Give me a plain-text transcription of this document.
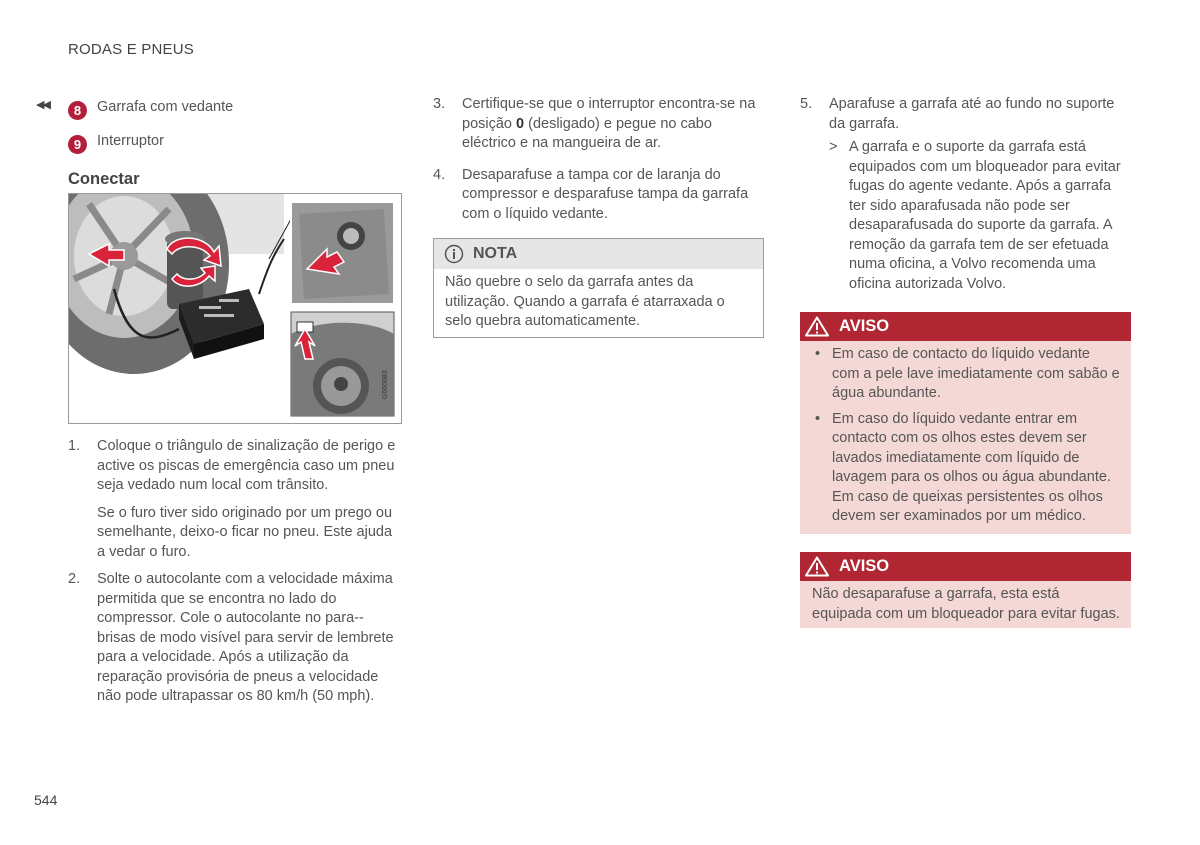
RODAS E PNEUS
◀◀	8	Garrafa com vedante
9	Interruptor
Conectar
G060683
1. Coloque o triângulo de sinalização de perigo e active os piscas de emergência caso um pneu seja vedado num local com trânsito.

Se o furo tiver sido originado por um prego ou semelhante, deixo-o ficar no pneu. Este ajuda a vedar o furo.

2. Solte o autocolante com a velocidade máxima permitida que se encontra no lado do compressor. Cole o autocolante no para--brisas de modo visível para servir de lembrete para a velocidade. Após a utilização da reparação provisória de pneus a velocidade não pode ultrapassar os 80 km/h (50 mph).

3. Certifique-se que o interruptor encontra-se na posição 0 (desligado) e pegue no cabo eléctrico e na mangueira de ar.
4. Desaparafuse a tampa cor de laranja do compressor e desparafuse tampa da garrafa com o líquido vedante.
NOTA
Não quebre o selo da garrafa antes da utilização. Quando a garrafa é atarraxada o selo quebra automaticamente.
5. Aparafuse a garrafa até ao fundo no suporte da garrafa.

> A garrafa e o suporte da garrafa está equipados com um bloqueador para evitar fugas do agente vedante. Após a garrafa ter sido aparafusada não pode ser desaparafusada do suporte da garrafa. A remoção da garrafa tem de ser efetuada numa oficina, a Volvo recomenda uma oficina autorizada Volvo.
AVISO
• Em caso de contacto do líquido vedante com a pele lave imediatamente com sabão e água abundante.
• Em caso do líquido vedante entrar em contacto com os olhos estes devem ser lavados imediatamente com líquido de lavagem para os olhos ou água abundante. Em caso de queixas persistentes os olhos devem ser examinados por um médico.
AVISO
Não desaparafuse a garrafa, esta está equipada com um bloqueador para evitar fugas.
544
